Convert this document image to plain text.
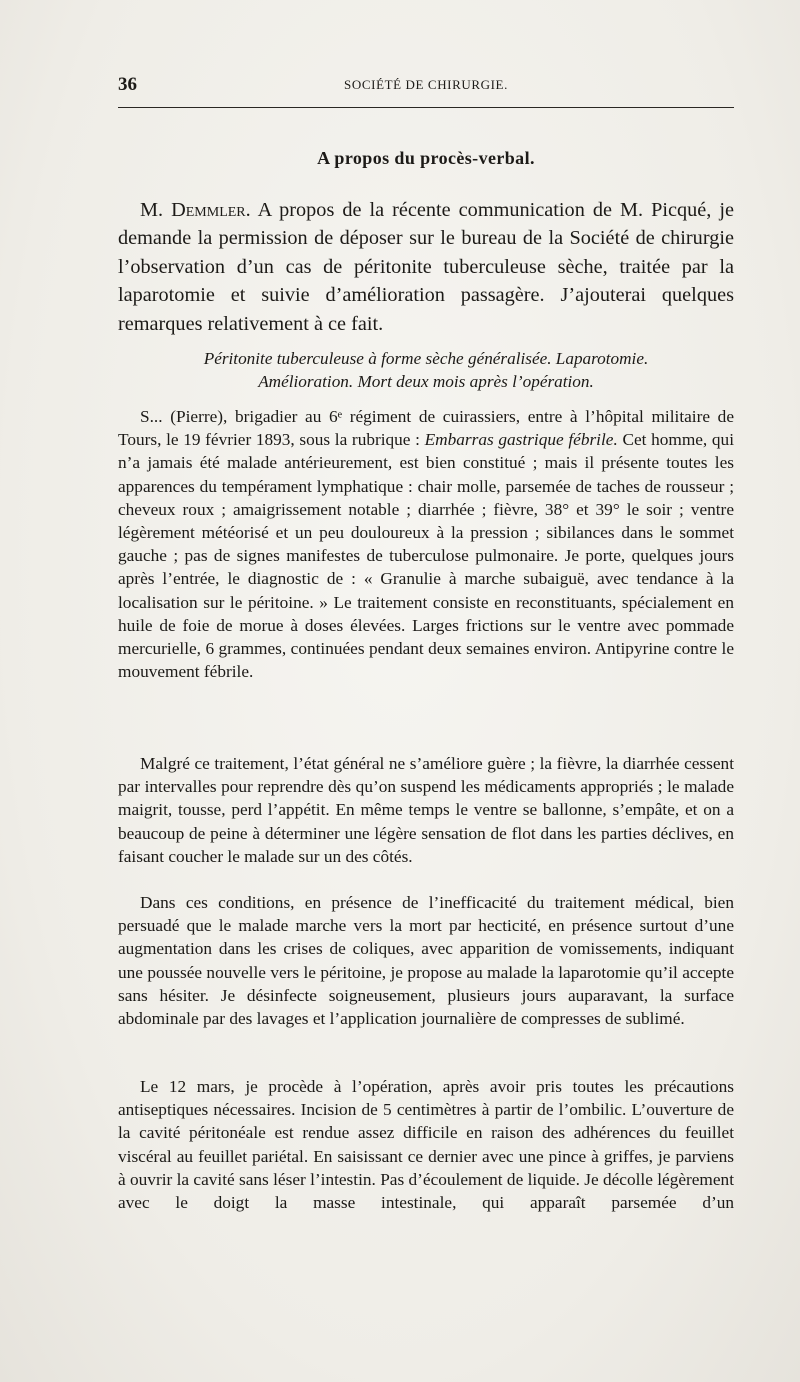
36	SOCIÉTÉ DE CHIRURGIE.
A propos du procès-verbal.

M. Demmler. A propos de la récente communication de M. Picqué, je demande la permission de déposer sur le bureau de la Société de chirurgie l’observation d’un cas de péritonite tuberculeuse sèche, traitée par la laparotomie et suivie d’amélioration passagère. J’ajouterai quelques remarques relativement à ce fait.

Péritonite tuberculeuse à forme sèche généralisée. Laparotomie.
Amélioration. Mort deux mois après l’opération.

S... (Pierre), brigadier au 6ᵉ régiment de cuirassiers, entre à l’hôpital militaire de Tours, le 19 février 1893, sous la rubrique : Embarras gastrique fébrile. Cet homme, qui n’a jamais été malade antérieurement, est bien constitué ; mais il présente toutes les apparences du tempérament lymphatique : chair molle, parsemée de taches de rousseur ; cheveux roux ; amaigrissement notable ; diarrhée ; fièvre, 38° et 39° le soir ; ventre légèrement météorisé et un peu douloureux à la pression ; sibilances dans le sommet gauche ; pas de signes manifestes de tuberculose pulmonaire. Je porte, quelques jours après l’entrée, le diagnostic de : « Granulie à marche subaiguë, avec tendance à la localisation sur le péritoine. » Le traitement consiste en reconstituants, spécialement en huile de foie de morue à doses élevées. Larges frictions sur le ventre avec pommade mercurielle, 6 grammes, continuées pendant deux semaines environ. Antipyrine contre le mouvement fébrile.

Malgré ce traitement, l’état général ne s’améliore guère ; la fièvre, la diarrhée cessent par intervalles pour reprendre dès qu’on suspend les médicaments appropriés ; le malade maigrit, tousse, perd l’appétit. En même temps le ventre se ballonne, s’empâte, et on a beaucoup de peine à déterminer une légère sensation de flot dans les parties déclives, en faisant coucher le malade sur un des côtés.

Dans ces conditions, en présence de l’inefficacité du traitement médical, bien persuadé que le malade marche vers la mort par hecticité, en présence surtout d’une augmentation dans les crises de coliques, avec apparition de vomissements, indiquant une poussée nouvelle vers le péritoine, je propose au malade la laparotomie qu’il accepte sans hésiter. Je désinfecte soigneusement, plusieurs jours auparavant, la surface abdominale par des lavages et l’application journalière de compresses de sublimé.

Le 12 mars, je procède à l’opération, après avoir pris toutes les précautions antiseptiques nécessaires. Incision de 5 centimètres à partir de l’ombilic. L’ouverture de la cavité péritonéale est rendue assez difficile en raison des adhérences du feuillet viscéral au feuillet pariétal. En saisissant ce dernier avec une pince à griffes, je parviens à ouvrir la cavité sans léser l’intestin. Pas d’écoulement de liquide. Je décolle légèrement avec le doigt la masse intestinale, qui apparaît parsemée d’un
